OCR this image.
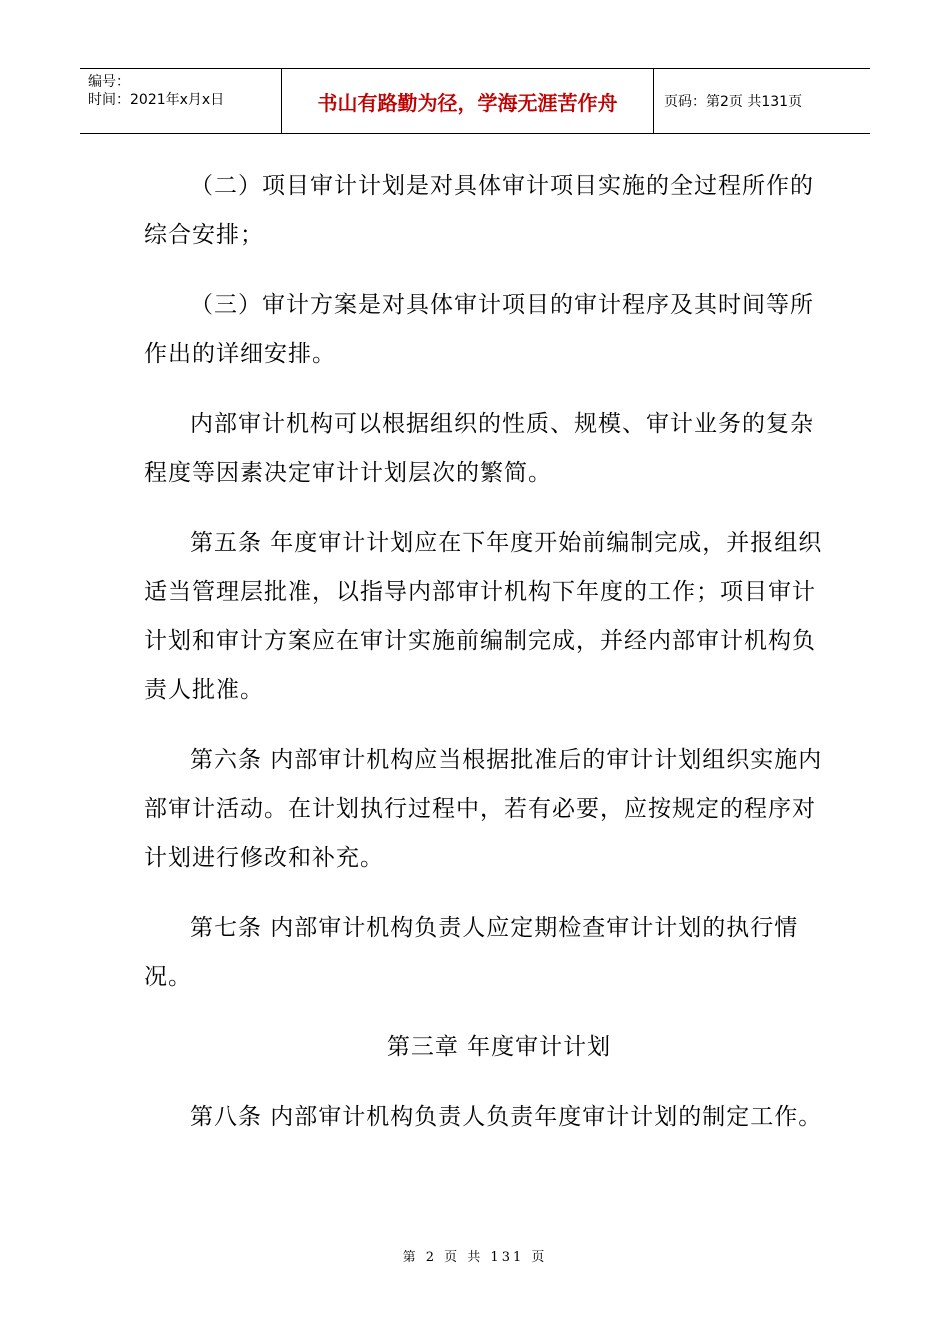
编号：
时间：2021年x月x日	书山有路勤为径，学海无涯苦作舟	页码：第2页 共131页

（二）项目审计计划是对具体审计项目实施的全过程所作的综合安排；

（三）审计方案是对具体审计项目的审计程序及其时间等所作出的详细安排。

内部审计机构可以根据组织的性质、规模、审计业务的复杂程度等因素决定审计计划层次的繁简。

第五条 年度审计计划应在下年度开始前编制完成，并报组织适当管理层批准，以指导内部审计机构下年度的工作；项目审计计划和审计方案应在审计实施前编制完成，并经内部审计机构负责人批准。

第六条 内部审计机构应当根据批准后的审计计划组织实施内部审计活动。在计划执行过程中，若有必要，应按规定的程序对计划进行修改和补充。

第七条 内部审计机构负责人应定期检查审计计划的执行情况。

第三章 年度审计计划

第八条 内部审计机构负责人负责年度审计计划的制定工作。

第 2 页 共 131 页
